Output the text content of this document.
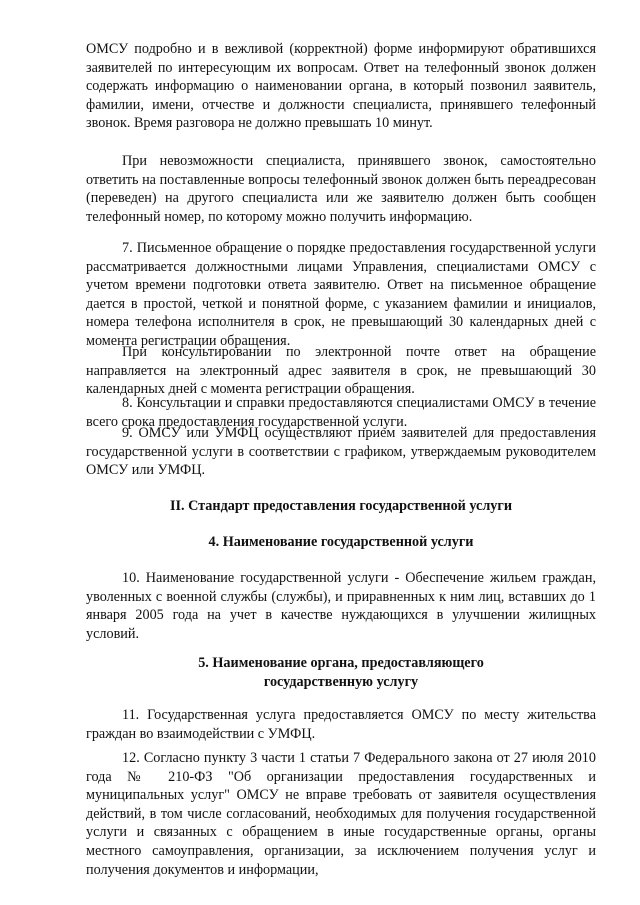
ОМСУ подробно и в вежливой (корректной) форме информируют обратившихся заявителей по интересующим их вопросам. Ответ на телефонный звонок должен содержать информацию о наименовании органа, в который позвонил заявитель, фамилии, имени, отчестве и должности специалиста, принявшего телефонный звонок. Время разговора не должно превышать 10 минут.

При невозможности специалиста, принявшего звонок, самостоятельно ответить на поставленные вопросы телефонный звонок должен быть переадресован (переведен) на другого специалиста или же заявителю должен быть сообщен телефонный номер, по которому можно получить информацию.

7. Письменное обращение о порядке предоставления государственной услуги рассматривается должностными лицами Управления, специалистами ОМСУ с учетом времени подготовки ответа заявителю. Ответ на письменное обращение дается в простой, четкой и понятной форме, с указанием фамилии и инициалов, номера телефона исполнителя в срок, не превышающий 30 календарных дней с момента регистрации обращения.

При консультировании по электронной почте ответ на обращение направляется на электронный адрес заявителя в срок, не превышающий 30 календарных дней с момента регистрации обращения.

8. Консультации и справки предоставляются специалистами ОМСУ в течение всего срока предоставления государственной услуги.

9. ОМСУ или УМФЦ осуществляют прием заявителей для предоставления государственной услуги в соответствии с графиком, утверждаемым руководителем ОМСУ или УМФЦ.

II. Стандарт предоставления государственной услуги

4. Наименование государственной услуги

10. Наименование государственной услуги - Обеспечение жильем граждан, уволенных с военной службы (службы), и приравненных к ним лиц, вставших до 1 января 2005 года на учет в качестве нуждающихся в улучшении жилищных условий.

5. Наименование органа, предоставляющего

государственную услугу

11. Государственная услуга предоставляется ОМСУ по месту жительства граждан во взаимодействии с УМФЦ.

12. Согласно пункту 3 части 1 статьи 7 Федерального закона от 27 июля 2010 года № 210-ФЗ "Об организации предоставления государственных и муниципальных услуг" ОМСУ не вправе требовать от заявителя осуществления действий, в том числе согласований, необходимых для получения государственной услуги и связанных с обращением в иные государственные органы, органы местного самоуправления, организации, за исключением получения услуг и получения документов и информации,
